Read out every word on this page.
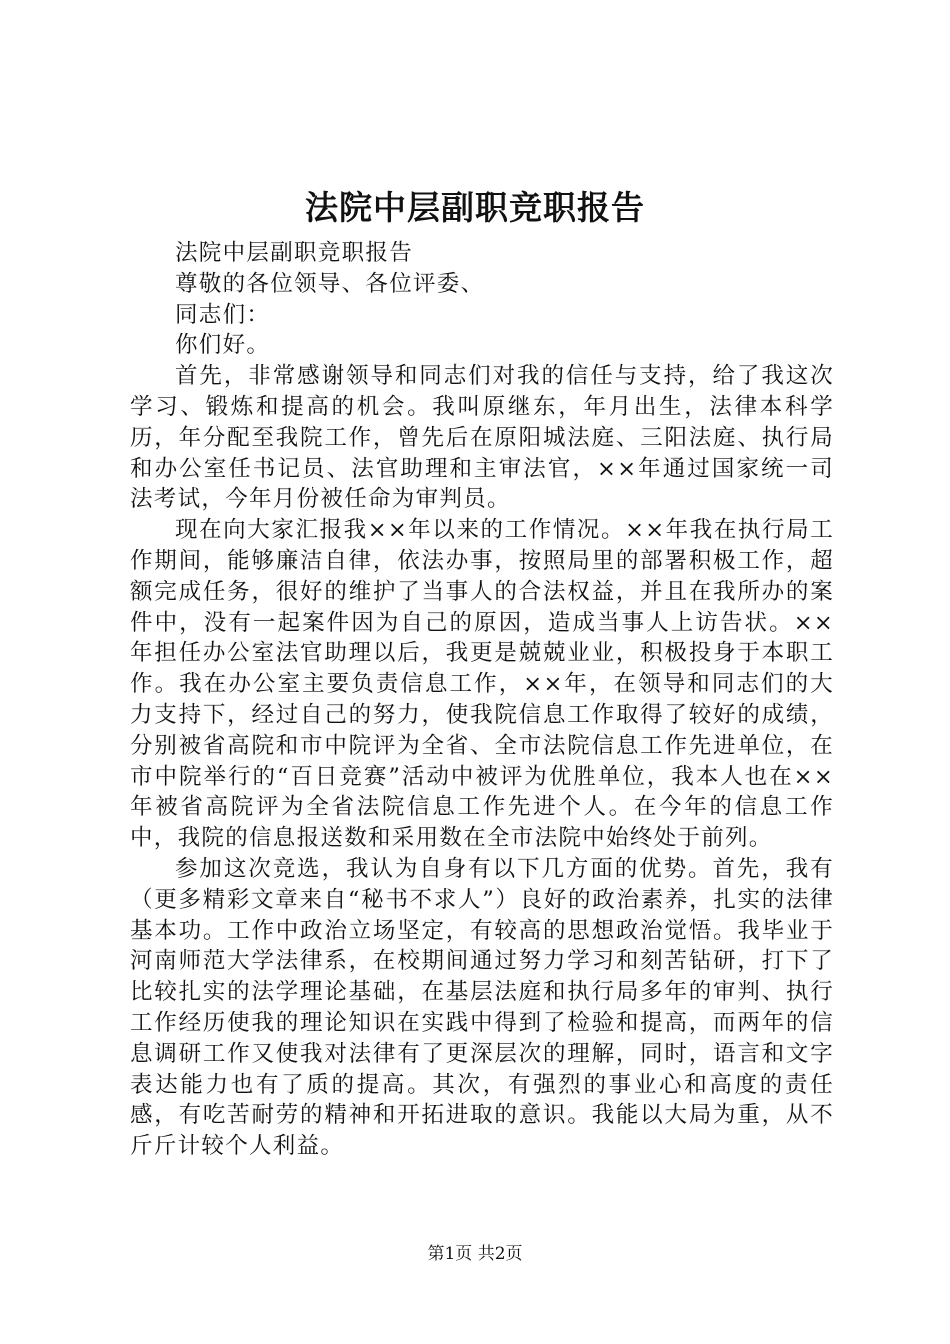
法院中层副职竞职报告

法院中层副职竞职报告

尊敬的各位领导、各位评委、

同志们：

你们好。

首先，非常感谢领导和同志们对我的信任与支持，给了我这次学习、锻炼和提高的机会。我叫原继东，年月出生，法律本科学历，年分配至我院工作，曾先后在原阳城法庭、三阳法庭、执行局和办公室任书记员、法官助理和主审法官，××年通过国家统一司法考试，今年月份被任命为审判员。

现在向大家汇报我××年以来的工作情况。××年我在执行局工作期间，能够廉洁自律，依法办事，按照局里的部署积极工作，超额完成任务，很好的维护了当事人的合法权益，并且在我所办的案件中，没有一起案件因为自己的原因，造成当事人上访告状。××年担任办公室法官助理以后，我更是兢兢业业，积极投身于本职工作。我在办公室主要负责信息工作，××年，在领导和同志们的大力支持下，经过自己的努力，使我院信息工作取得了较好的成绩，分别被省高院和市中院评为全省、全市法院信息工作先进单位，在市中院举行的“百日竞赛”活动中被评为优胜单位，我本人也在××年被省高院评为全省法院信息工作先进个人。在今年的信息工作中，我院的信息报送数和采用数在全市法院中始终处于前列。

参加这次竞选，我认为自身有以下几方面的优势。首先，我有（更多精彩文章来自“秘书不求人”）良好的政治素养，扎实的法律基本功。工作中政治立场坚定，有较高的思想政治觉悟。我毕业于河南师范大学法律系，在校期间通过努力学习和刻苦钻研，打下了比较扎实的法学理论基础，在基层法庭和执行局多年的审判、执行工作经历使我的理论知识在实践中得到了检验和提高，而两年的信息调研工作又使我对法律有了更深层次的理解，同时，语言和文字表达能力也有了质的提高。其次，有强烈的事业心和高度的责任感，有吃苦耐劳的精神和开拓进取的意识。我能以大局为重，从不斤斤计较个人利益。

第1页 共2页
